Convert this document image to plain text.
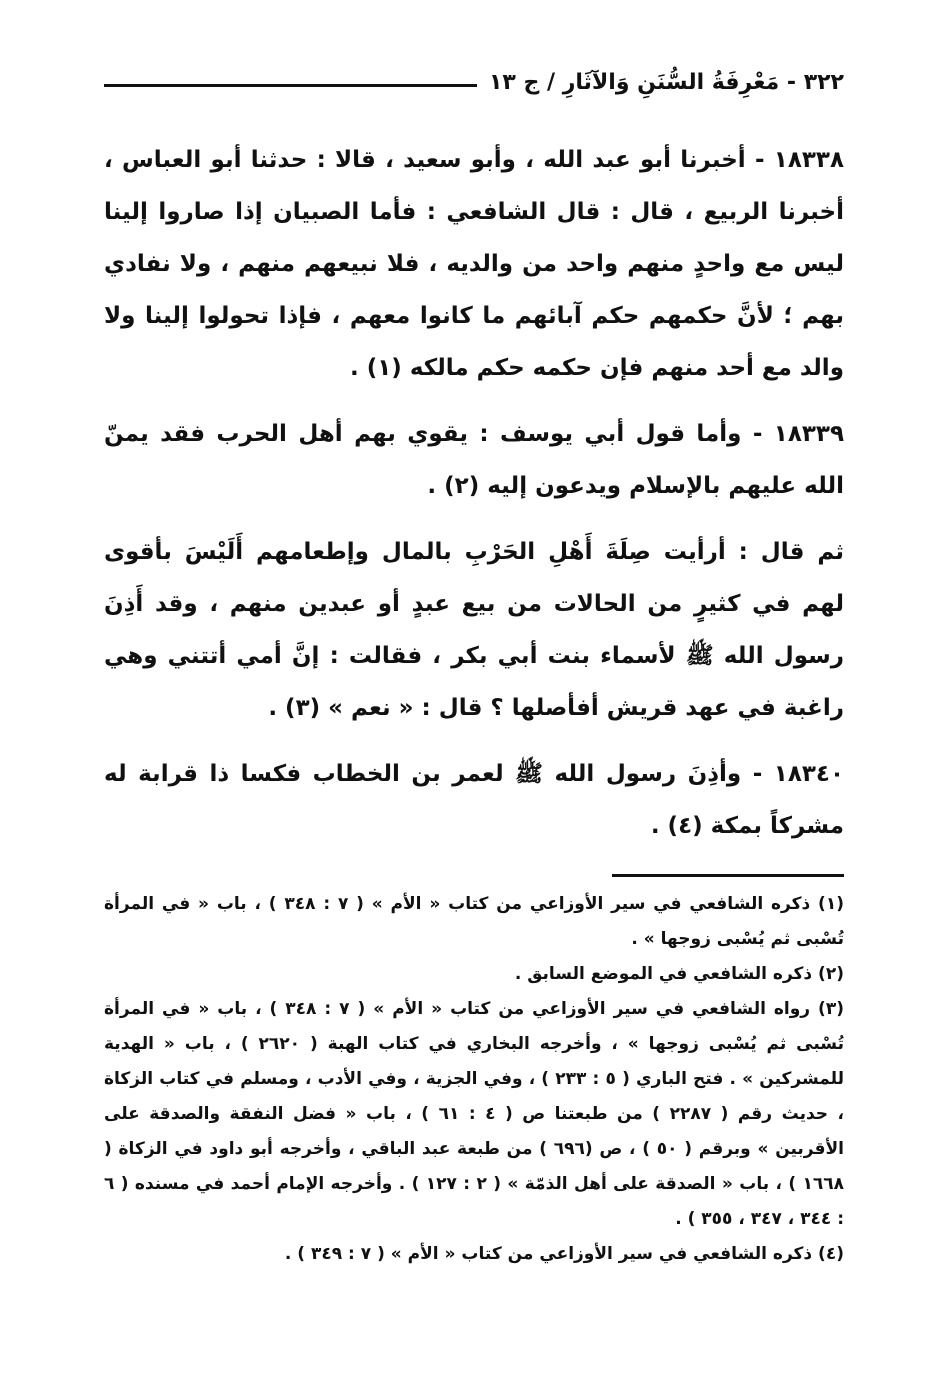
٣٢٢ - مَعْرِفَةُ السُّنَنِ وَالآثَارِ / ج ١٣

١٨٣٣٨ - أخبرنا أبو عبد الله ، وأبو سعيد ، قالا : حدثنا أبو العباس ، أخبرنا الربيع ، قال : قال الشافعي : فأما الصبيان إذا صاروا إلينا ليس مع واحدٍ منهم واحد من والديه ، فلا نبيعهم منهم ، ولا نفادي بهم ؛ لأنَّ حكمهم حكم آبائهم ما كانوا معهم ، فإذا تحولوا إلينا ولا والد مع أحد منهم فإن حكمه حكم مالكه (١) .

١٨٣٣٩ - وأما قول أبي يوسف : يقوي بهم أهل الحرب فقد يمنّ الله عليهم بالإسلام ويدعون إليه (٢) .

ثم قال : أرأيت صِلَةَ أَهْلِ الحَرْبِ بالمال وإطعامهم أَلَيْسَ بأقوى لهم في كثيرٍ من الحالات من بيع عبدٍ أو عبدين منهم ، وقد أَذِنَ رسول الله ﷺ لأسماء بنت أبي بكر ، فقالت : إنَّ أمي أتتني وهي راغبة في عهد قريش أفأصلها ؟ قال : « نعم » (٣) .

١٨٣٤٠ - وأذِنَ رسول الله ﷺ لعمر بن الخطاب فكسا ذا قرابة له مشركاً بمكة (٤) .

(١) ذكره الشافعي في سير الأوزاعي من كتاب « الأم » ( ٧ : ٣٤٨ ) ، باب « في المرأة تُسْبى ثم يُسْبى زوجها » .

(٢) ذكره الشافعي في الموضع السابق .

(٣) رواه الشافعي في سير الأوزاعي من كتاب « الأم » ( ٧ : ٣٤٨ ) ، باب « في المرأة تُسْبى ثم يُسْبى زوجها » ، وأخرجه البخاري في كتاب الهبة ( ٢٦٢٠ ) ، باب « الهدية للمشركين » . فتح الباري ( ٥ : ٢٣٣ ) ، وفي الجزية ، وفي الأدب ، ومسلم في كتاب الزكاة ، حديث رقم ( ٢٢٨٧ ) من طبعتنا ص ( ٤ : ٦١ ) ، باب « فضل النفقة والصدقة على الأقربين » وبرقم ( ٥٠ ) ، ص (٦٩٦ ) من طبعة عبد الباقي ، وأخرجه أبو داود في الزكاة ( ١٦٦٨ ) ، باب « الصدقة على أهل الذمّة » ( ٢ : ١٢٧ ) . وأخرجه الإمام أحمد في مسنده ( ٦ : ٣٤٤ ، ٣٤٧ ، ٣٥٥ ) .

(٤) ذكره الشافعي في سير الأوزاعي من كتاب « الأم » ( ٧ : ٣٤٩ ) .
